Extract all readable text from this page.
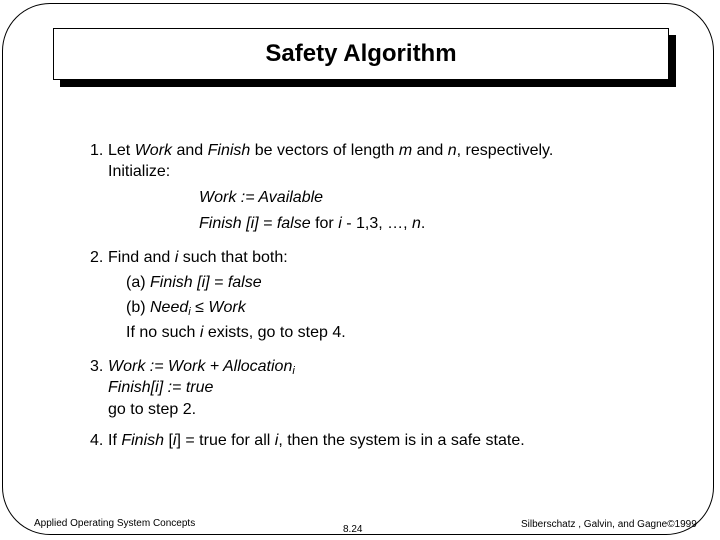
Safety Algorithm
1. Let Work and Finish be vectors of length m and n, respectively.
Initialize:
Work := Available
Finish [i] = false for i - 1,3, …, n.
2. Find and i such that both:
(a) Finish [i] = false
(b) Need$_i$ ≤ Work
If no such i exists, go to step 4.
3. Work := Work + Allocation$_i$
Finish[i] := true
go to step 2.
4. If Finish [i] = true for all i, then the system is in a safe state.
Applied Operating System Concepts
8.24	Silberschatz , Galvin, and Gagne©1999
